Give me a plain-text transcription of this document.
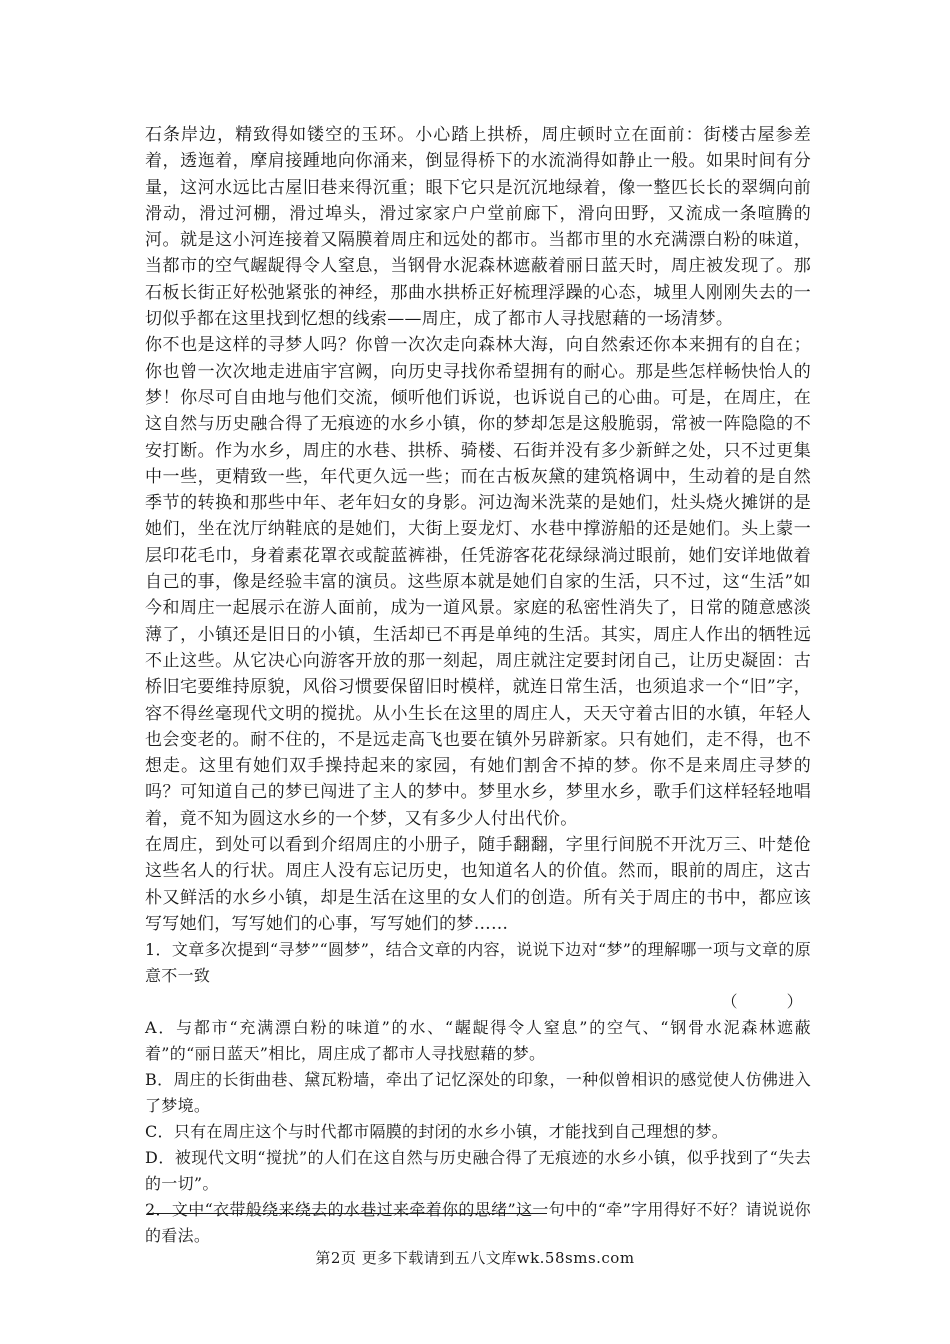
石条岸边，精致得如镂空的玉环。小心踏上拱桥，周庄顿时立在面前：街楼古屋参差着，透迤着，摩肩接踵地向你涌来，倒显得桥下的水流淌得如静止一般。如果时间有分量，这河水远比古屋旧巷来得沉重；眼下它只是沉沉地绿着，像一整匹长长的翠绸向前滑动，滑过河棚，滑过埠头，滑过家家户户堂前廊下，滑向田野，又流成一条喧腾的河。就是这小河连接着又隔膜着周庄和远处的都市。当都市里的水充满漂白粉的味道，当都市的空气龌龊得令人窒息，当钢骨水泥森林遮蔽着丽日蓝天时，周庄被发现了。那石板长街正好松弛紧张的神经，那曲水拱桥正好梳理浮躁的心态，城里人刚刚失去的一切似乎都在这里找到忆想的线索——周庄，成了都市人寻找慰藉的一场清梦。

你不也是这样的寻梦人吗？你曾一次次走向森林大海，向自然索还你本来拥有的自在；你也曾一次次地走进庙宇宫阙，向历史寻找你希望拥有的耐心。那是些怎样畅快怡人的梦！你尽可自由地与他们交流，倾听他们诉说，也诉说自己的心曲。可是，在周庄，在这自然与历史融合得了无痕迹的水乡小镇，你的梦却怎是这般脆弱，常被一阵隐隐的不安打断。作为水乡，周庄的水巷、拱桥、骑楼、石街并没有多少新鲜之处，只不过更集中一些，更精致一些，年代更久远一些；而在古板灰黛的建筑格调中，生动着的是自然季节的转换和那些中年、老年妇女的身影。河边淘米洗菜的是她们，灶头烧火摊饼的是她们，坐在沈厅纳鞋底的是她们，大街上耍龙灯、水巷中撑游船的还是她们。头上蒙一层印花毛巾，身着素花罩衣或靛蓝裤褂，任凭游客花花绿绿淌过眼前，她们安详地做着自己的事，像是经验丰富的演员。这些原本就是她们自家的生活，只不过，这“生活”如今和周庄一起展示在游人面前，成为一道风景。家庭的私密性消失了，日常的随意感淡薄了，小镇还是旧日的小镇，生活却已不再是单纯的生活。其实，周庄人作出的牺牲远不止这些。从它决心向游客开放的那一刻起，周庄就注定要封闭自己，让历史凝固：古桥旧宅要维持原貌，风俗习惯要保留旧时模样，就连日常生活，也须追求一个“旧”字，容不得丝毫现代文明的搅扰。从小生长在这里的周庄人，天天守着古旧的水镇，年轻人也会变老的。耐不住的，不是远走高飞也要在镇外另辟新家。只有她们，走不得，也不想走。这里有她们双手操持起来的家园，有她们割舍不掉的梦。你不是来周庄寻梦的吗？可知道自己的梦已闯进了主人的梦中。梦里水乡，梦里水乡，歌手们这样轻轻地唱着，竟不知为圆这水乡的一个梦，又有多少人付出代价。

在周庄，到处可以看到介绍周庄的小册子，随手翻翻，字里行间脱不开沈万三、叶楚伧这些名人的行状。周庄人没有忘记历史，也知道名人的价值。然而，眼前的周庄，这古朴又鲜活的水乡小镇，却是生活在这里的女人们的创造。所有关于周庄的书中，都应该写写她们，写写她们的心事，写写她们的梦……

1．文章多次提到“寻梦”“圆梦”，结合文章的内容，说说下边对“梦”的理解哪一项与文章的原意不一致

（　　　）

A．与都市“充满漂白粉的味道”的水、“龌龊得令人窒息”的空气、“钢骨水泥森林遮蔽着”的“丽日蓝天”相比，周庄成了都市人寻找慰藉的梦。

B．周庄的长街曲巷、黛瓦粉墙，牵出了记忆深处的印象，一种似曾相识的感觉使人仿佛进入了梦境。

C．只有在周庄这个与时代都市隔膜的封闭的水乡小镇，才能找到自己理想的梦。

D．被现代文明“搅扰”的人们在这自然与历史融合得了无痕迹的水乡小镇，似乎找到了“失去的一切”。

2．文中“衣带般绕来绕去的水巷过来牵着你的思绪”这一句中的“牵”字用得好不好？请说说你的看法。

第2页 更多下载请到五八文库wk.58sms.com
